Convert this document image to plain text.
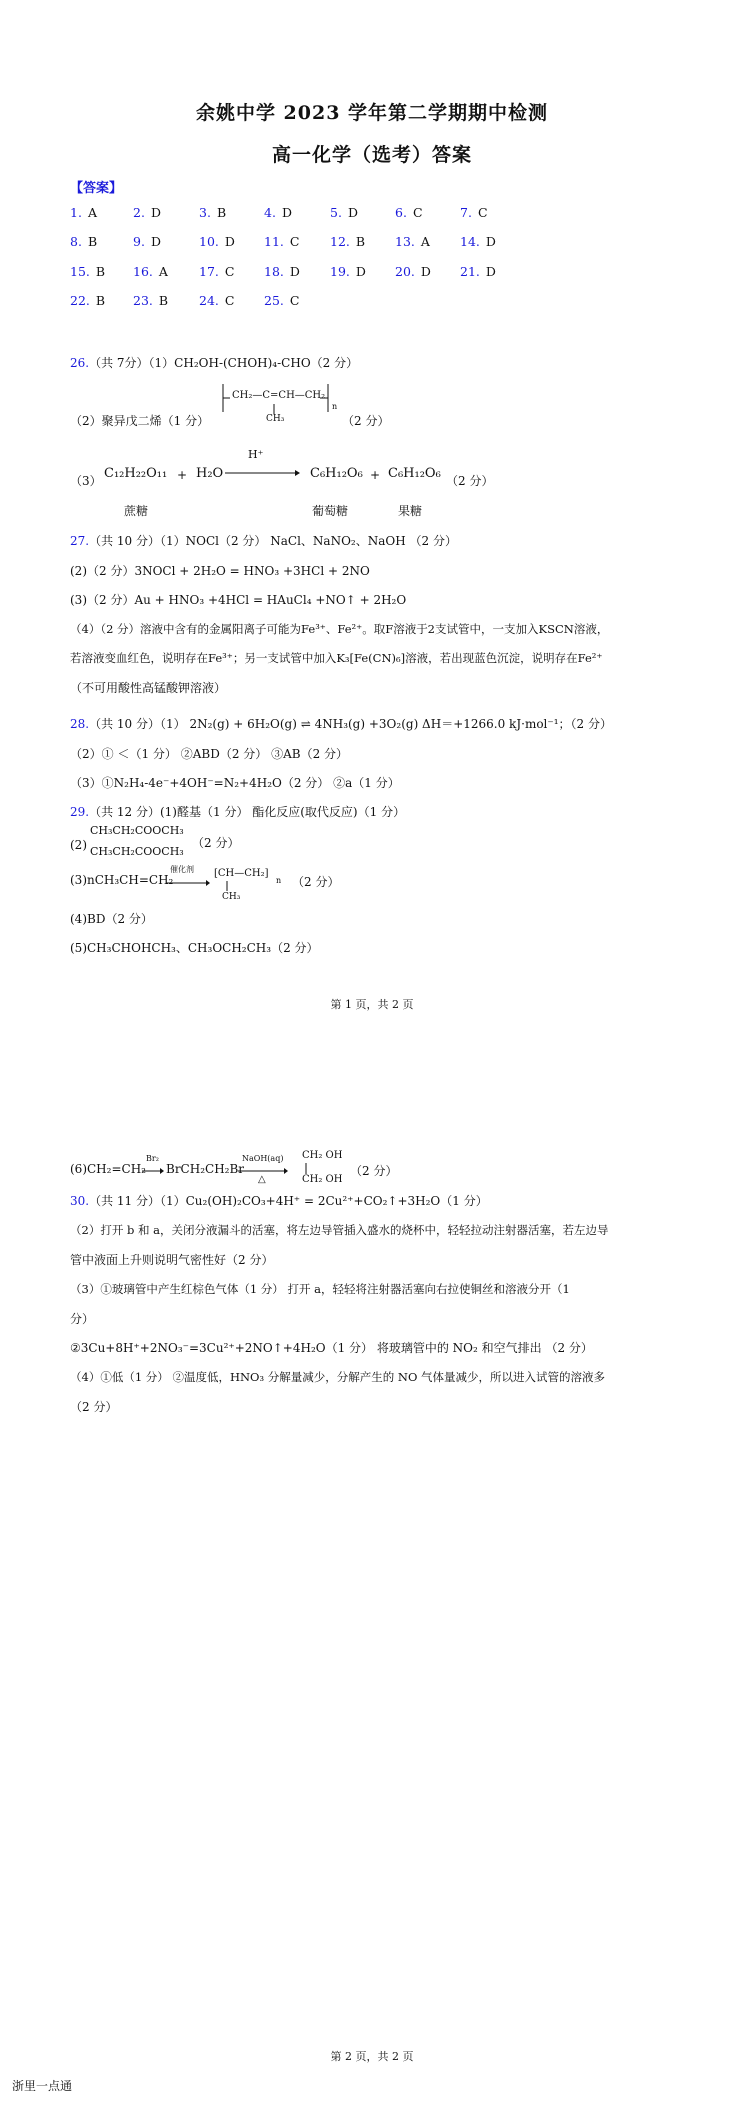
余姚中学 2023 学年第二学期期中检测
高一化学（选考）答案
【答案】
1. A	2. D	3. B	4. D	5. D	6. C	7. C
8. B	9. D	10. D 11. C 12. B 13. A 14. D
15. B 16. A 17. C 18. D 19. D 20. D 21. D
22. B 23. B 24. C 25. C
26.（共 7分）（1）CH₂OH-(CHOH)₄-CHO（2 分）
（2）聚异戊二烯（1 分）
CH₂—C=CH—CH₂
CH₃
n
（2 分）
（3） C₁₂H₂₂O₁₁ + H₂O
H⁺
C₆H₁₂O₆ + C₆H₁₂O₆ （2 分）
蔗糖	葡萄糖	果糖
27.（共 10 分）（1）NOCl（2 分） NaCl、NaNO₂、NaOH （2 分）
(2)（2 分）3NOCl + 2H₂O = HNO₃ +3HCl + 2NO
(3)（2 分）Au + HNO₃ +4HCl = HAuCl₄ +NO↑ + 2H₂O
（4）（2 分）溶液中含有的金属阳离子可能为Fe³⁺、Fe²⁺。取F溶液于2支试管中，一支加入KSCN溶液，
若溶液变血红色，说明存在Fe³⁺；另一支试管中加入K₃[Fe(CN)₆]溶液，若出现蓝色沉淀，说明存在Fe²⁺
（不可用酸性高锰酸钾溶液）
28.（共 10 分）（1） 2N₂(g) + 6H₂O(g) ⇌ 4NH₃(g) +3O₂(g) ΔH＝+1266.0 kJ·mol⁻¹；（2 分）
（2）① ＜（1 分） ②ABD（2 分） ③AB（2 分）
（3）①N₂H₄-4e⁻+4OH⁻=N₂+4H₂O（2 分） ②a（1 分）
29.（共 12 分）(1)醛基（1 分） 酯化反应(取代反应)（1 分）
(2)
CH₃CH₂COOCH₃
CH₃CH₂COOCH₃
（2 分）
(3)nCH₃CH=CH₂
催化剂 [CH—CH₂]
CH₃
n （2 分）
(4)BD（2 分）
(5)CH₃CHOHCH₃、CH₃OCH₂CH₃（2 分）
第 1 页，共 2 页
(6)CH₂=CH₂
Br₂
BrCH₂CH₂Br
NaOH(aq)
△
CH₂ OH
CH₂ OH
（2 分）
30.（共 11 分）（1）Cu₂(OH)₂CO₃+4H⁺ = 2Cu²⁺+CO₂↑+3H₂O（1 分）
（2）打开 b 和 a，关闭分液漏斗的活塞，将左边导管插入盛水的烧杯中，轻轻拉动注射器活塞，若左边导
管中液面上升则说明气密性好（2 分）
（3）①玻璃管中产生红棕色气体（1 分） 打开 a，轻轻将注射器活塞向右拉使铜丝和溶液分开（1
分）
②3Cu+8H⁺+2NO₃⁻=3Cu²⁺+2NO↑+4H₂O（1 分） 将玻璃管中的 NO₂ 和空气排出 （2 分）
（4）①低（1 分） ②温度低，HNO₃ 分解量减少，分解产生的 NO 气体量减少，所以进入试管的溶液多
（2 分）
第 2 页，共 2 页
浙里一点通
